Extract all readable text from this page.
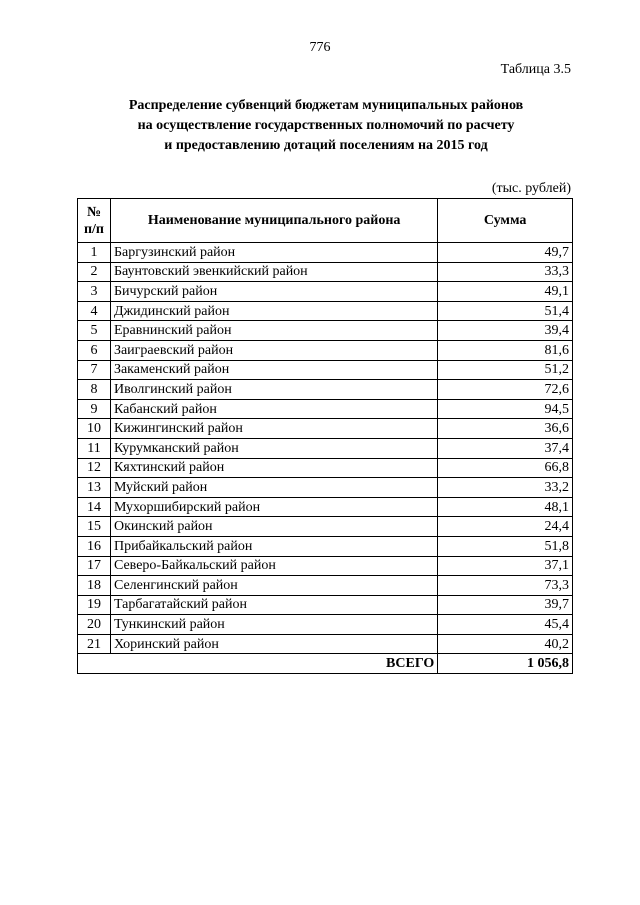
776
Таблица 3.5
Распределение субвенций бюджетам муниципальных районов
на осуществление государственных полномочий по расчету
и предоставлению дотаций поселениям на 2015 год
(тыс. рублей)
№
п/п	Наименование муниципального района	Сумма
1	Баргузинский район	49,7
2	Баунтовский эвенкийский район	33,3
3	Бичурский район	49,1
4	Джидинский район	51,4
5	Еравнинский район	39,4
6	Заиграевский район	81,6
7	Закаменский район	51,2
8	Иволгинский район	72,6
9	Кабанский район	94,5
10	Кижингинский район	36,6
11	Курумканский район	37,4
12	Кяхтинский район	66,8
13	Муйский район	33,2
14	Мухоршибирский район	48,1
15	Окинский район	24,4
16	Прибайкальский район	51,8
17	Северо-Байкальский район	37,1
18	Селенгинский район	73,3
19	Тарбагатайский район	39,7
20	Тункинский район	45,4
21	Хоринский район	40,2
ВСЕГО		1 056,8
